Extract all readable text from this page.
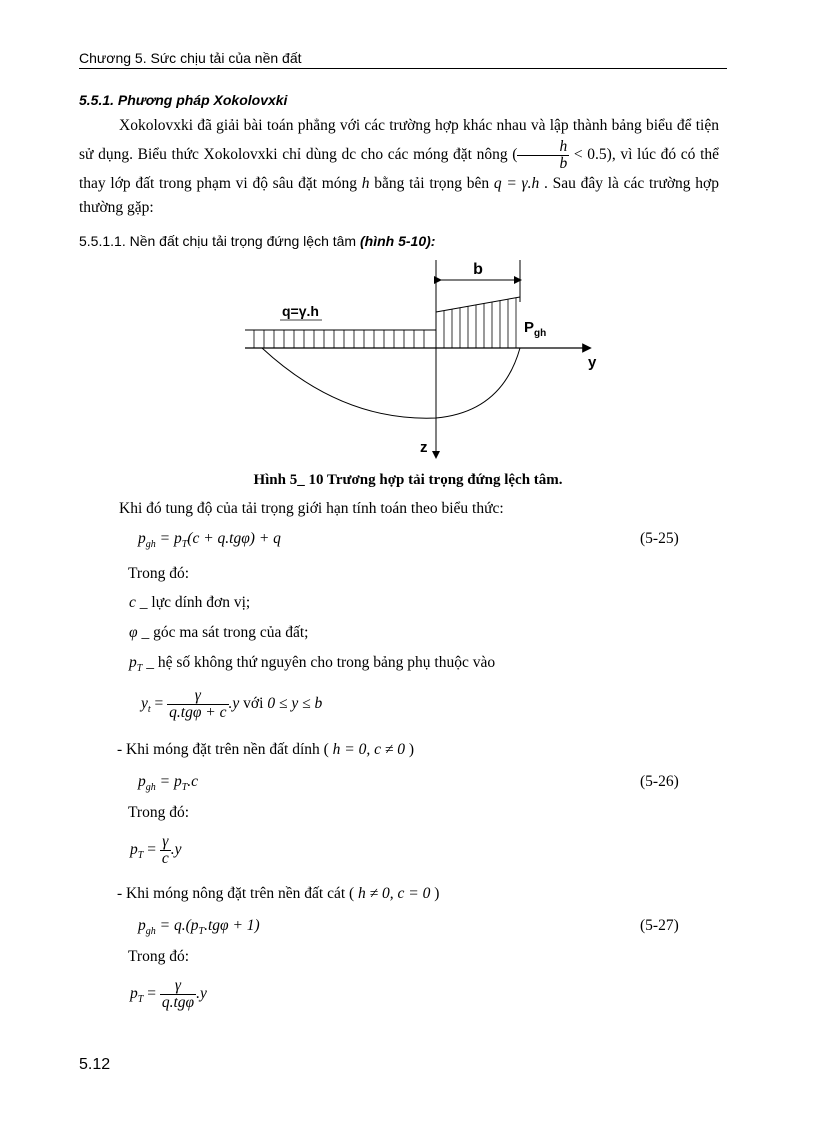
Chương 5. Sức chịu tải của nền đất
5.5.1. Phương pháp Xokolovxki

Xokolovxki đã giải bài toán phẳng với các trường hợp khác nhau và lập thành bảng biểu để tiện sử dụng. Biểu thức Xokolovxki chỉ dùng dc cho các móng đặt nông ( $\frac{h}{b} < 0.5$), vì lúc đó có thể thay lớp đất trong phạm vi độ sâu đặt móng h bằng tải trọng bên q = γ.h . Sau đây là các trường hợp thường gặp:

5.5.1.1. Nền đất chịu tải trọng đứng lệch tâm (hình 5-10):
b
q=γ.h
$P_{gh}$
y
z
Hình 5_ 10 Trương hợp tải trọng đứng lệch tâm.
Khi đó tung độ của tải trọng giới hạn tính toán theo biểu thức:
$p_{gh} = p_T(c + q.tg\varphi) + q$	(5-25)
Trong đó:
c _ lực dính đơn vị;
φ _ góc ma sát trong của đất;
$p_T$ _ hệ số không thứ nguyên cho trong bảng phụ thuộc vào
$y_t = \frac{\gamma}{\text{q.tgφ + c}} .y$ với 0 ≤ y ≤ b
- Khi móng đặt trên nền đất dính ( h = 0, c ≠ 0 )
$p_{gh} = p_T.c$	(5-26)
Trong đó:
$p_T = \frac{\gamma}{c} .y$
- Khi móng nông đặt trên nền đất cát ( h ≠ 0, c = 0 )
$p_{gh} = q.(p_T.tg\varphi + 1)$	(5-27)
Trong đó:
$p_T = \frac{\gamma}{\text{q.tgφ}} .y$
5.12
